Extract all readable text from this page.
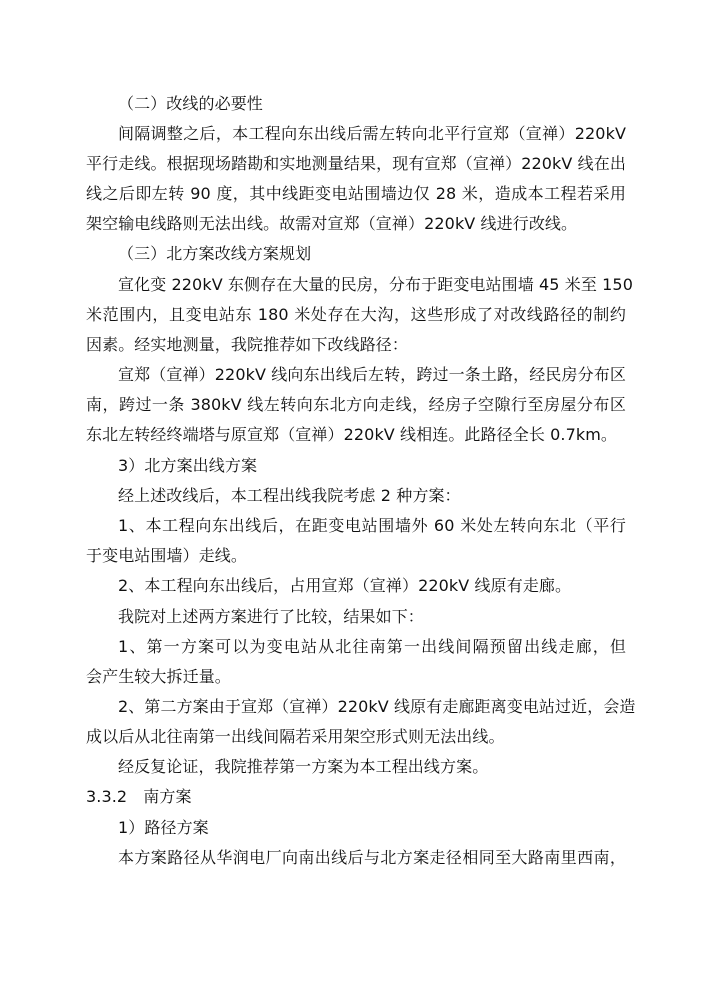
（二）改线的必要性
间隔调整之后，本工程向东出线后需左转向北平行宣郑（宣禅）220kV
平行走线。根据现场踏勘和实地测量结果，现有宣郑（宣禅）220kV 线在出
线之后即左转 90 度，其中线距变电站围墙边仅 28 米，造成本工程若采用
架空输电线路则无法出线。故需对宣郑（宣禅）220kV 线进行改线。
（三）北方案改线方案规划
宣化变 220kV 东侧存在大量的民房，分布于距变电站围墙 45 米至 150
米范围内，且变电站东 180 米处存在大沟，这些形成了对改线路径的制约
因素。经实地测量，我院推荐如下改线路径：
宣郑（宣禅）220kV 线向东出线后左转，跨过一条土路，经民房分布区
南，跨过一条 380kV 线左转向东北方向走线，经房子空隙行至房屋分布区
东北左转经终端塔与原宣郑（宣禅）220kV 线相连。此路径全长 0.7km。
3）北方案出线方案
经上述改线后，本工程出线我院考虑 2 种方案：
1、本工程向东出线后，在距变电站围墙外 60 米处左转向东北（平行
于变电站围墙）走线。
2、本工程向东出线后，占用宣郑（宣禅）220kV 线原有走廊。
我院对上述两方案进行了比较，结果如下：
1、第一方案可以为变电站从北往南第一出线间隔预留出线走廊，但
会产生较大拆迁量。
2、第二方案由于宣郑（宣禅）220kV 线原有走廊距离变电站过近，会造
成以后从北往南第一出线间隔若采用架空形式则无法出线。
经反复论证，我院推荐第一方案为本工程出线方案。
3.3.2　南方案
1）路径方案
本方案路径从华润电厂向南出线后与北方案走径相同至大路南里西南，
